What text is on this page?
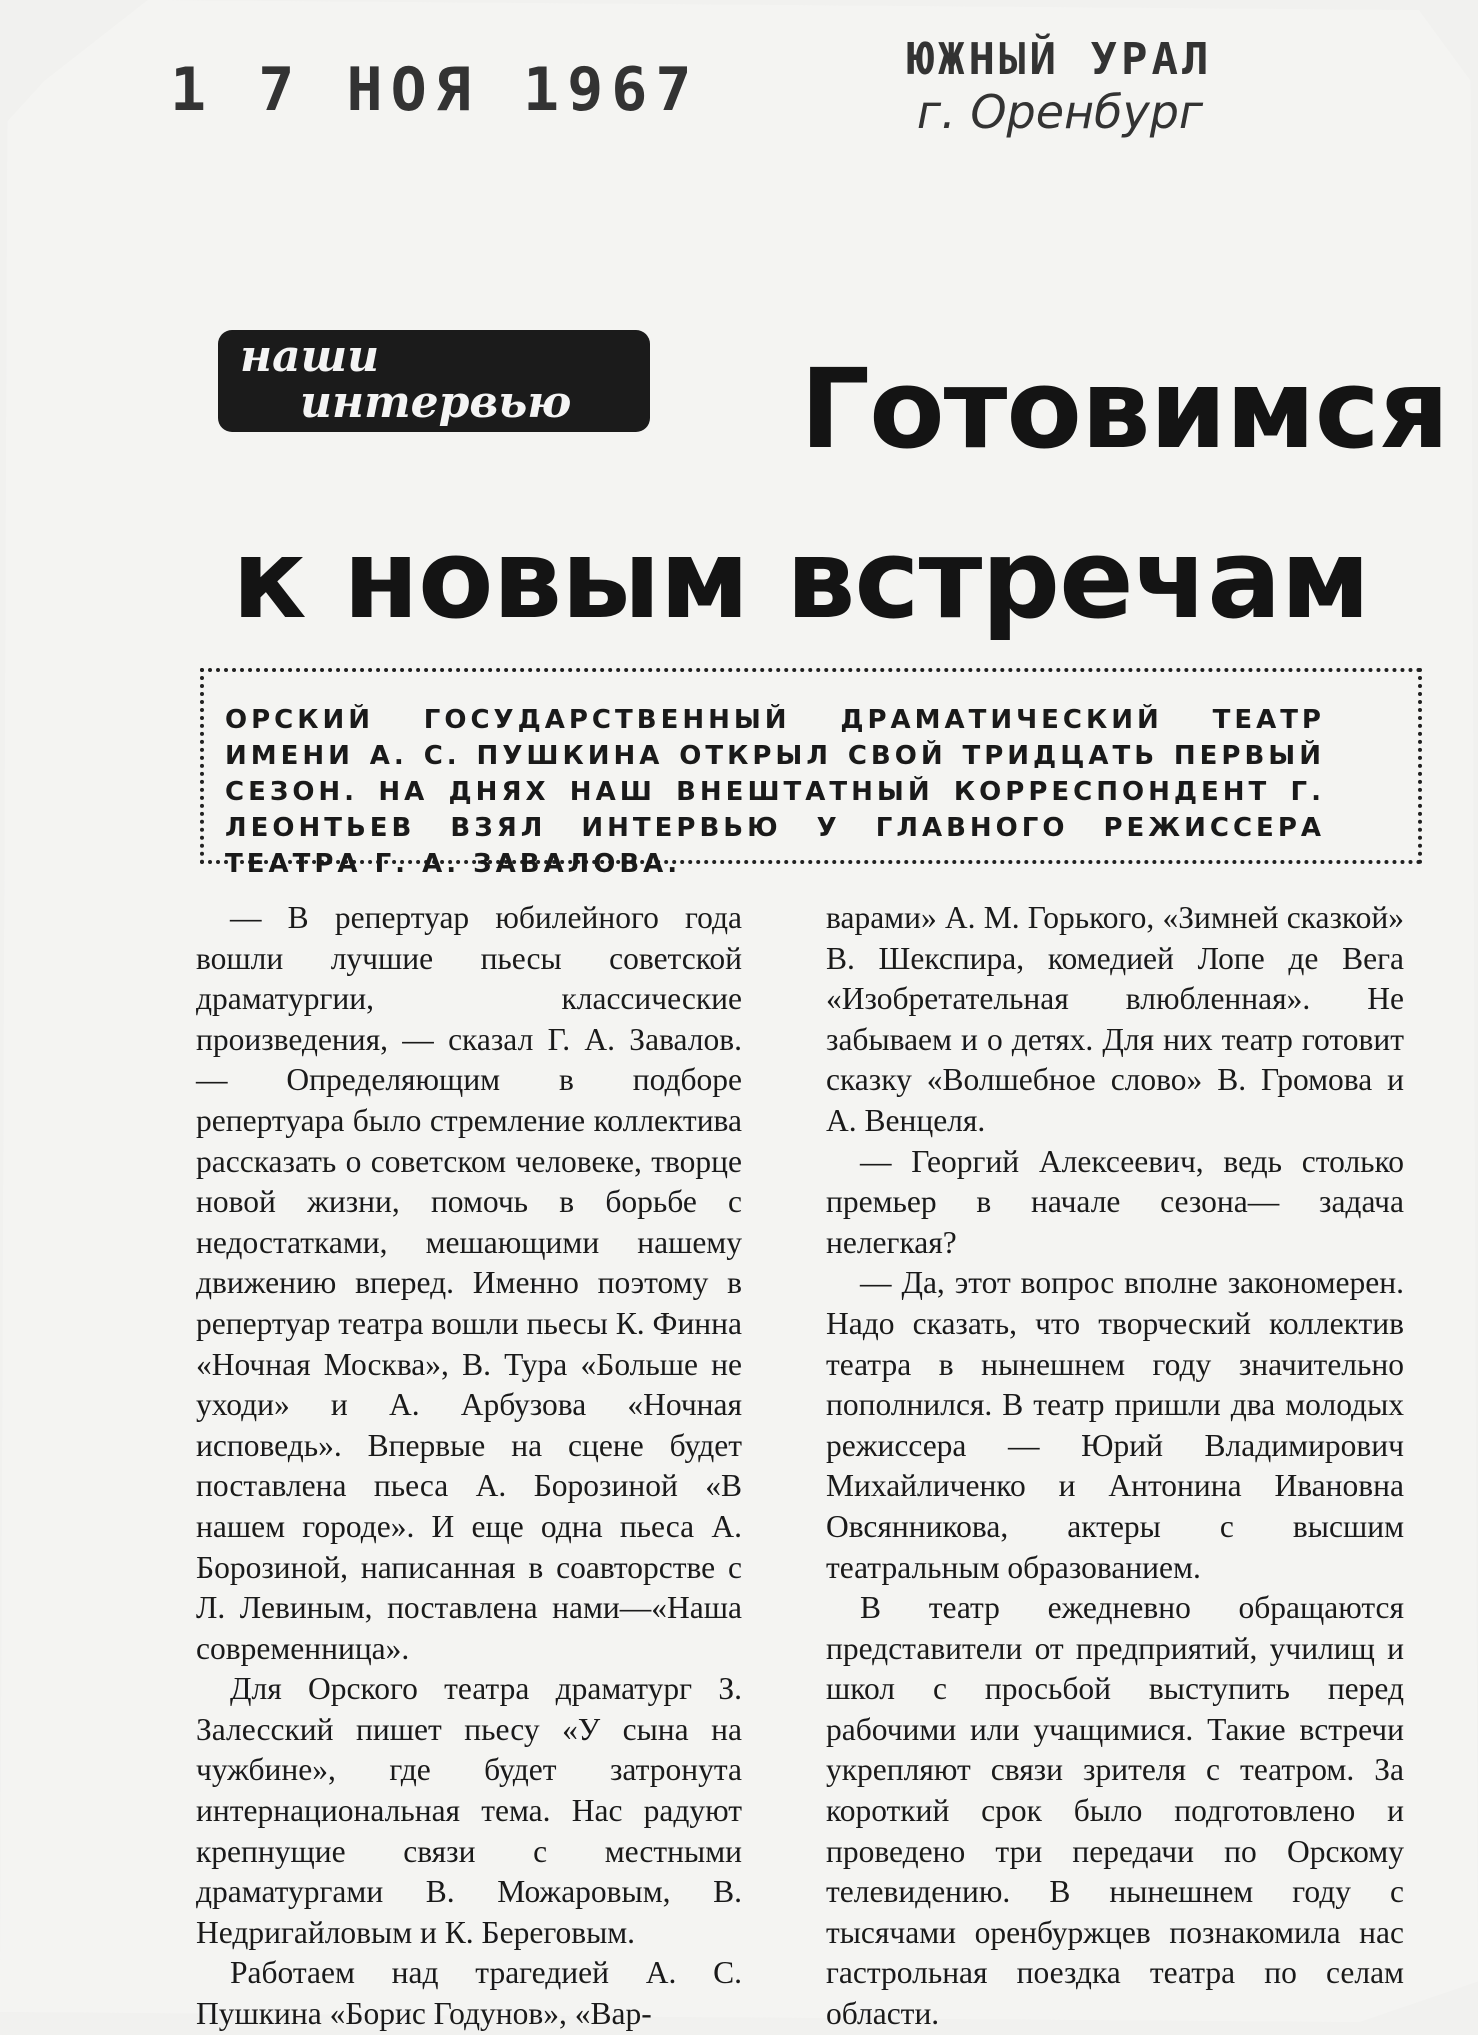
1 7 НОЯ 1967	ЮЖНЫЙ УРАЛ
г. Оренбург
наши
интервью	Готовимся
к новым встречам
ОРСКИЙ ГОСУДАРСТВЕННЫЙ ДРАМАТИЧЕСКИЙ ТЕАТР ИМЕНИ А. С. ПУШКИНА ОТКРЫЛ СВОЙ ТРИДЦАТЬ ПЕРВЫЙ СЕЗОН. НА ДНЯХ НАШ ВНЕШТАТНЫЙ КОРРЕСПОНДЕНТ Г. ЛЕОНТЬЕВ ВЗЯЛ ИНТЕРВЬЮ У ГЛАВНОГО РЕЖИССЕРА ТЕАТРА Г. А. ЗАВАЛОВА.

— В репертуар юбилейного года вошли лучшие пьесы советской драматургии, классические произведения, — сказал Г. А. Завалов. — Определяющим в подборе репертуара было стремление коллектива рассказать о советском человеке, творце новой жизни, помочь в борьбе с недостатками, мешающими нашему движению вперед. Именно поэтому в репертуар театра вошли пьесы К. Финна «Ночная Москва», В. Тура «Больше не уходи» и А. Арбузова «Ночная исповедь». Впервые на сцене будет поставлена пьеса А. Борозиной «В нашем городе». И еще одна пьеса А. Борозиной, написанная в соавторстве с Л. Левиным, поставлена нами—«Наша современница».

Для Орского театра драматург З. Залесский пишет пьесу «У сына на чужбине», где будет затронута интернациональная тема. Нас радуют крепнущие связи с местными драматургами В. Можаровым, В. Недригайловым и К. Береговым.

Работаем над трагедией А. С. Пушкина «Борис Годунов», «Вар-

варами» А. М. Горького, «Зимней сказкой» В. Шекспира, комедией Лопе де Вега «Изобретательная влюбленная». Не забываем и о детях. Для них театр готовит сказку «Волшебное слово» В. Громова и А. Венцеля.

— Георгий Алексеевич, ведь столько премьер в начале сезона— задача нелегкая?

— Да, этот вопрос вполне закономерен. Надо сказать, что творческий коллектив театра в нынешнем году значительно пополнился. В театр пришли два молодых режиссера — Юрий Владимирович Михайличенко и Антонина Ивановна Овсянникова, актеры с высшим театральным образованием.

В театр ежедневно обращаются представители от предприятий, училищ и школ с просьбой выступить перед рабочими или учащимися. Такие встречи укрепляют связи зрителя с театром. За короткий срок было подготовлено и проведено три передачи по Орскому телевидению. В нынешнем году с тысячами оренбуржцев познакомила нас гастрольная поездка театра по селам области.
